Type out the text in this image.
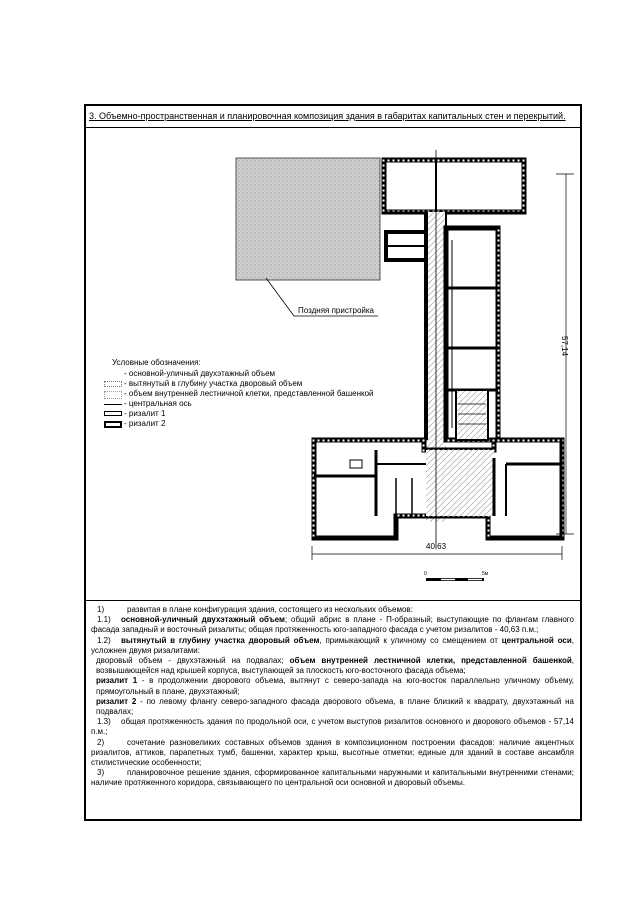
3. Объемно-пространственная и планировочная композиция здания в габаритах капитальных стен и перекрытий.
Поздняя пристройка
57,14
40,63
0	5м
Условные обозначения:
- основной-уличный двухэтажный объем
- вытянутый в глубину участка дворовый объем
- объем внутренней лестничной клетки, представленной башенкой
- центральная ось
- ризалит 1
- ризалит 2

1)	развитая в плане конфигурация здания, состоящего из нескольких объемов:

1.1) основной-уличный двухэтажный объем; общий абрис в плане - П-образный; выступающие по флангам главного фасада западный и восточный ризалиты; общая протяженность юго-западного фасада с учетом ризалитов - 40,63 п.м.;

1.2) вытянутый в глубину участка дворовый объем, примыкающий к уличному со смещением от центральной оси, усложнен двумя ризалитами:

дворовый объем - двухэтажный на подвалах; объем внутренней лестничной клетки, представленной башенкой, возвышающейся над крышей корпуса, выступающей за плоскость юго-восточного фасада объема;

ризалит 1 - в продолжении дворового объема, вытянут с северо-запада на юго-восток параллельно уличному объему, прямоугольный в плане, двухэтажный;

ризалит 2 - по левому флангу северо-западного фасада дворового объема, в плане близкий к квадрату, двухэтажный на подвалах;

1.3) общая протяженность здания по продольной оси, с учетом выступов ризалитов основного и дворового объемов - 57,14 п.м.;

2)	сочетание разновеликих составных объемов здания в композиционном построении фасадов: наличие акцентных ризалитов, аттиков, парапетных тумб, башенки, характер крыш, высотные отметки; единые для зданий в составе ансамбля стилистические особенности;

3)	планировочное решение здания, сформированное капитальными наружными и капитальными внутренними стенами; наличие протяженного коридора, связывающего по центральной оси основной и дворовый объемы.
